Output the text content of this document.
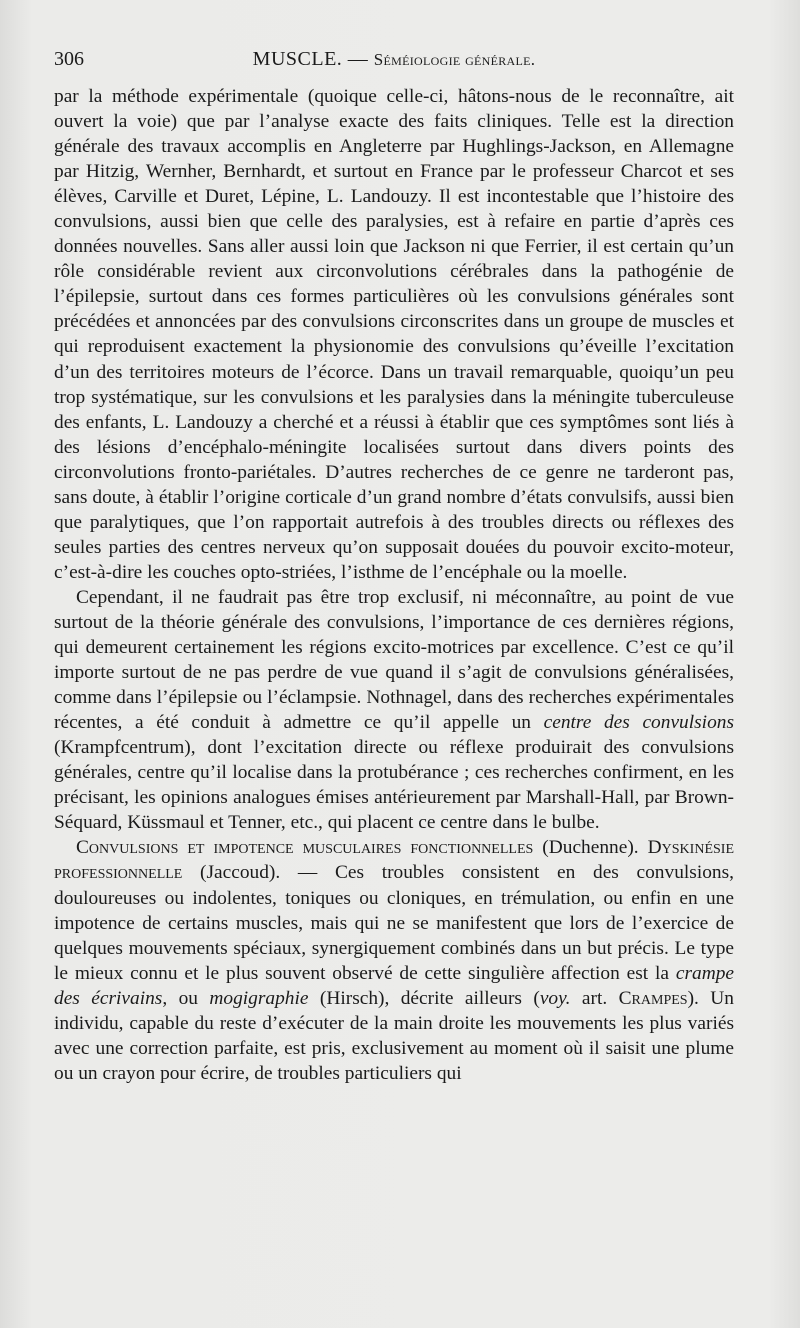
306	MUSCLE. — Séméiologie générale.

par la méthode expérimentale (quoique celle-ci, hâtons-nous de le reconnaître, ait ouvert la voie) que par l’analyse exacte des faits cliniques. Telle est la direction générale des travaux accomplis en Angleterre par Hughlings-Jackson, en Allemagne par Hitzig, Wernher, Bernhardt, et surtout en France par le professeur Charcot et ses élèves, Carville et Duret, Lépine, L. Landouzy. Il est incontestable que l’histoire des convulsions, aussi bien que celle des paralysies, est à refaire en partie d’après ces données nouvelles. Sans aller aussi loin que Jackson ni que Ferrier, il est certain qu’un rôle considérable revient aux circonvolutions cérébrales dans la pathogénie de l’épilepsie, surtout dans ces formes particulières où les convulsions générales sont précédées et annoncées par des convulsions circonscrites dans un groupe de muscles et qui reproduisent exactement la physionomie des convulsions qu’éveille l’excitation d’un des territoires moteurs de l’écorce. Dans un travail remarquable, quoiqu’un peu trop systématique, sur les convulsions et les paralysies dans la méningite tuberculeuse des enfants, L. Landouzy a cherché et a réussi à établir que ces symptômes sont liés à des lésions d’encéphalo-méningite localisées surtout dans divers points des circonvolutions fronto-pariétales. D’autres recherches de ce genre ne tarderont pas, sans doute, à établir l’origine corticale d’un grand nombre d’états convulsifs, aussi bien que paralytiques, que l’on rapportait autrefois à des troubles directs ou réflexes des seules parties des centres nerveux qu’on supposait douées du pouvoir excito-moteur, c’est-à-dire les couches opto-striées, l’isthme de l’encéphale ou la moelle.

Cependant, il ne faudrait pas être trop exclusif, ni méconnaître, au point de vue surtout de la théorie générale des convulsions, l’importance de ces dernières régions, qui demeurent certainement les régions excito-motrices par excellence. C’est ce qu’il importe surtout de ne pas perdre de vue quand il s’agit de convulsions généralisées, comme dans l’épilepsie ou l’éclampsie. Nothnagel, dans des recherches expérimentales récentes, a été conduit à admettre ce qu’il appelle un centre des convulsions (Krampfcentrum), dont l’excitation directe ou réflexe produirait des convulsions générales, centre qu’il localise dans la protubérance ; ces recherches confirment, en les précisant, les opinions analogues émises antérieurement par Marshall-Hall, par Brown-Séquard, Küssmaul et Tenner, etc., qui placent ce centre dans le bulbe.

Convulsions et impotence musculaires fonctionnelles (Duchenne). Dyskinésie professionnelle (Jaccoud). — Ces troubles consistent en des convulsions, douloureuses ou indolentes, toniques ou cloniques, en trémulation, ou enfin en une impotence de certains muscles, mais qui ne se manifestent que lors de l’exercice de quelques mouvements spéciaux, synergiquement combinés dans un but précis. Le type le mieux connu et le plus souvent observé de cette singulière affection est la crampe des écrivains, ou mogigraphie (Hirsch), décrite ailleurs (voy. art. Crampes). Un individu, capable du reste d’exécuter de la main droite les mouvements les plus variés avec une correction parfaite, est pris, exclusivement au moment où il saisit une plume ou un crayon pour écrire, de troubles particuliers qui
